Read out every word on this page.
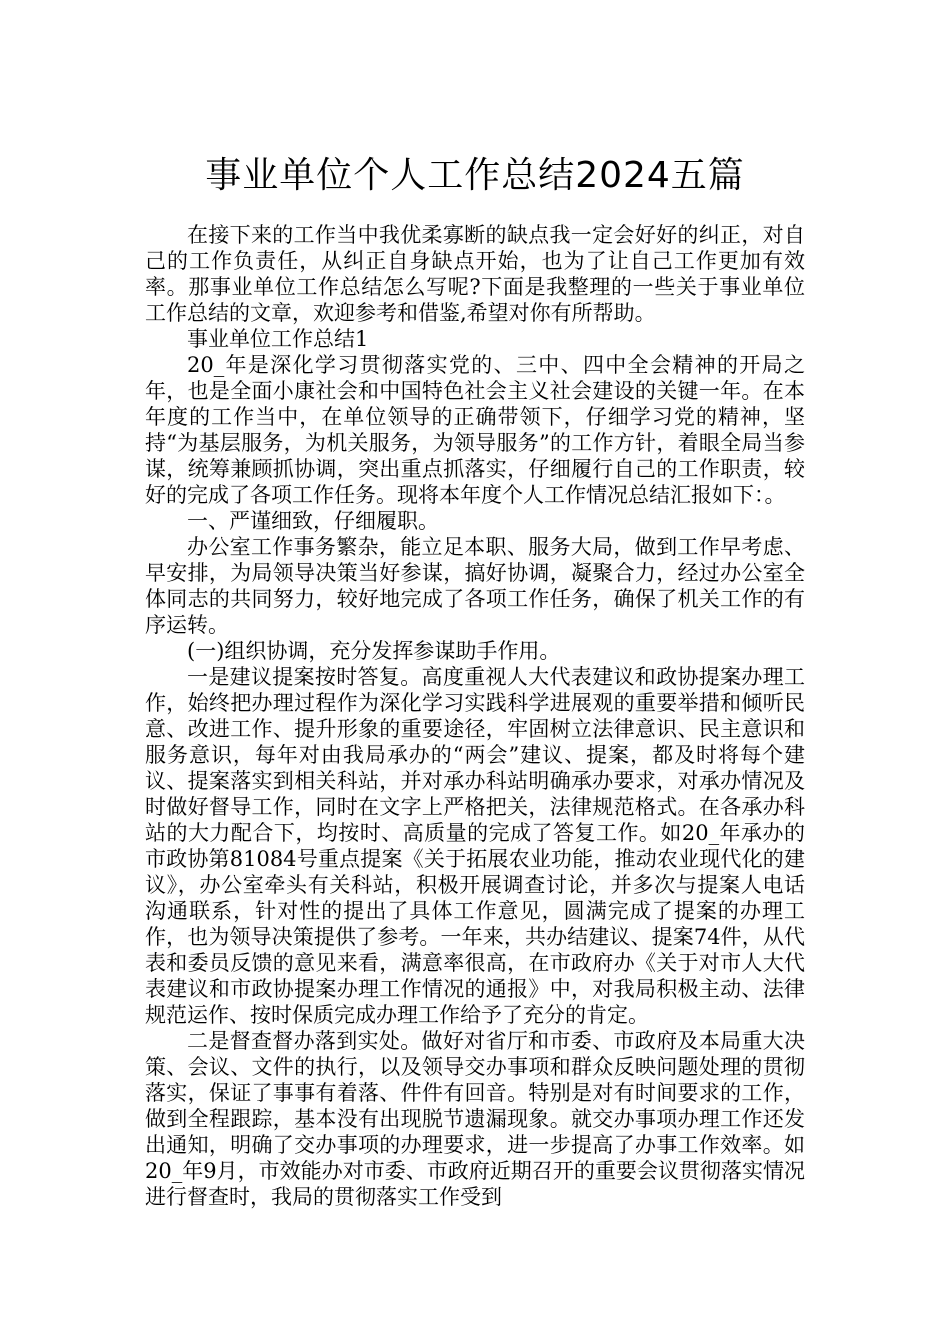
事业单位个人工作总结2024五篇

在接下来的工作当中我优柔寡断的缺点我一定会好好的纠正，对自己的工作负责任，从纠正自身缺点开始，也为了让自己工作更加有效率。那事业单位工作总结怎么写呢?下面是我整理的一些关于事业单位工作总结的文章，欢迎参考和借鉴,希望对你有所帮助。

事业单位工作总结1

20_年是深化学习贯彻落实党的、三中、四中全会精神的开局之年，也是全面小康社会和中国特色社会主义社会建设的关键一年。在本年度的工作当中，在单位领导的正确带领下，仔细学习党的精神，坚持“为基层服务，为机关服务，为领导服务”的工作方针，着眼全局当参谋，统筹兼顾抓协调，突出重点抓落实，仔细履行自己的工作职责，较好的完成了各项工作任务。现将本年度个人工作情况总结汇报如下：。

一、严谨细致，仔细履职。

办公室工作事务繁杂，能立足本职、服务大局，做到工作早考虑、早安排，为局领导决策当好参谋，搞好协调，凝聚合力，经过办公室全体同志的共同努力，较好地完成了各项工作任务，确保了机关工作的有序运转。

(一)组织协调，充分发挥参谋助手作用。

一是建议提案按时答复。高度重视人大代表建议和政协提案办理工作，始终把办理过程作为深化学习实践科学进展观的重要举措和倾听民意、改进工作、提升形象的重要途径，牢固树立法律意识、民主意识和服务意识，每年对由我局承办的“两会”建议、提案，都及时将每个建议、提案落实到相关科站，并对承办科站明确承办要求，对承办情况及时做好督导工作，同时在文字上严格把关，法律规范格式。在各承办科站的大力配合下，均按时、高质量的完成了答复工作。如20_年承办的市政协第81084号重点提案《关于拓展农业功能，推动农业现代化的建议》，办公室牵头有关科站，积极开展调查讨论，并多次与提案人电话沟通联系，针对性的提出了具体工作意见，圆满完成了提案的办理工作，也为领导决策提供了参考。一年来，共办结建议、提案74件，从代表和委员反馈的意见来看，满意率很高，在市政府办《关于对市人大代表建议和市政协提案办理工作情况的通报》中，对我局积极主动、法律规范运作、按时保质完成办理工作给予了充分的肯定。

二是督查督办落到实处。做好对省厅和市委、市政府及本局重大决策、会议、文件的执行，以及领导交办事项和群众反映问题处理的贯彻落实，保证了事事有着落、件件有回音。特别是对有时间要求的工作，做到全程跟踪，基本没有出现脱节遗漏现象。就交办事项办理工作还发出通知，明确了交办事项的办理要求，进一步提高了办事工作效率。如20_年9月，市效能办对市委、市政府近期召开的重要会议贯彻落实情况进行督查时，我局的贯彻落实工作受到
